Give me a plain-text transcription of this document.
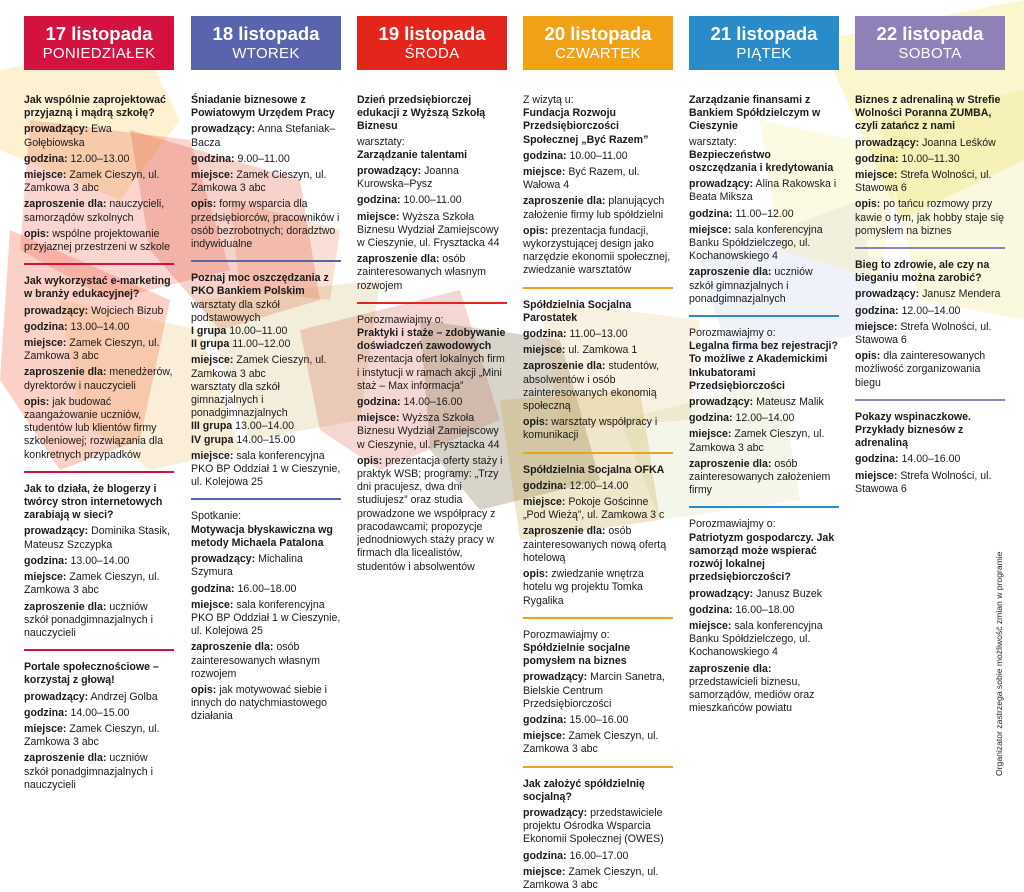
17 listopada
PONIEDZIAŁEK
Jak wspólnie zaprojektować przyjazną i mądrą szkołę?
prowadzący: Ewa Gołębiowska
godzina: 12.00–13.00
miejsce: Zamek Cieszyn, ul. Zamkowa 3 abc
zaproszenie dla: nauczycieli, samorządów szkolnych
opis: wspólne projektowanie przyjaznej przestrzeni w szkole
Jak wykorzystać e-marketing w branży edukacyjnej?
prowadzący: Wojciech Bizub
godzina: 13.00–14.00
miejsce: Zamek Cieszyn, ul. Zamkowa 3 abc
zaproszenie dla: menedżerów, dyrektorów i nauczycieli
opis: jak budować zaangażowanie uczniów, studentów lub klientów firmy szkoleniowej; rozwiązania dla konkretnych przypadków
Jak to działa, że blogerzy i twórcy stron internetowych zarabiają w sieci?
prowadzący: Dominika Stasik, Mateusz Szczypka
godzina: 13.00–14.00
miejsce: Zamek Cieszyn, ul. Zamkowa 3 abc
zaproszenie dla: uczniów szkół ponadgimnazjalnych i nauczycieli
Portale społecznościowe – korzystaj z głową!
prowadzący: Andrzej Golba
godzina: 14.00–15.00
miejsce: Zamek Cieszyn, ul. Zamkowa 3 abc
zaproszenie dla: uczniów szkół ponadgimnazjalnych i nauczycieli
18 listopada
WTOREK
Śniadanie biznesowe z Powiatowym Urzędem Pracy
prowadzący: Anna Stefaniak–Bacza
godzina: 9.00–11.00
miejsce: Zamek Cieszyn, ul. Zamkowa 3 abc
opis: formy wsparcia dla przedsiębiorców, pracowników i osób bezrobotnych; doradztwo indywidualne
Poznaj moc oszczędzania z PKO Bankiem Polskim
warsztaty dla szkół podstawowych
I grupa 10.00–11.00
II grupa 11.00–12.00
miejsce: Zamek Cieszyn, ul. Zamkowa 3 abc
warsztaty dla szkół gimnazjalnych i ponadgimnazjalnych
III grupa 13.00–14.00
IV grupa 14.00–15.00
miejsce: sala konferencyjna PKO BP Oddział 1 w Cieszynie, ul. Kolejowa 25
Spotkanie:
Motywacja błyskawiczna wg metody Michaela Patalona
prowadzący: Michalina Szymura
godzina: 16.00–18.00
miejsce: sala konferencyjna PKO BP Oddział 1 w Cieszynie, ul. Kolejowa 25
zaproszenie dla: osób zainteresowanych własnym rozwojem
opis: jak motywować siebie i innych do natychmiastowego działania
19 listopada
ŚRODA
Dzień przedsiębiorczej edukacji z Wyższą Szkołą Biznesu
warsztaty:
Zarządzanie talentami
prowadzący: Joanna Kurowska–Pysz
godzina: 10.00–11.00
miejsce: Wyższa Szkoła Biznesu Wydział Zamiejscowy w Cieszynie, ul. Frysztacka 44
zaproszenie dla: osób zainteresowanych własnym rozwojem
Porozmawiajmy o:
Praktyki i staże – zdobywanie doświadczeń zawodowych
Prezentacja ofert lokalnych firm i instytucji w ramach akcji „Mini staż – Max informacja”
godzina: 14.00–16.00
miejsce: Wyższa Szkoła Biznesu Wydział Zamiejscowy w Cieszynie, ul. Frysztacka 44
opis: prezentacja oferty staży i praktyk WSB; programy: „Trzy dni pracujesz, dwa dni studiujesz” oraz studia prowadzone we współpracy z pracodawcami; propozycje jednodniowych staży pracy w firmach dla licealistów, studentów i absolwentów
20 listopada
CZWARTEK
Z wizytą u:
Fundacja Rozwoju Przedsiębiorczości Społecznej „Być Razem”
godzina: 10.00–11.00
miejsce: Być Razem, ul. Wałowa 4
zaproszenie dla: planujących założenie firmy lub spółdzielni
opis: prezentacja fundacji, wykorzystującej design jako narzędzie ekonomii społecznej, zwiedzanie warsztatów
Spółdzielnia Socjalna Parostatek
godzina: 11.00–13.00
miejsce: ul. Zamkowa 1
zaproszenie dla: studentów, absolwentów i osób zainteresowanych ekonomią społeczną
opis: warsztaty współpracy i komunikacji
Spółdzielnia Socjalna OFKA
godzina: 12.00–14.00
miejsce: Pokoje Gościnne „Pod Wieżą”, ul. Zamkowa 3 c
zaproszenie dla: osób zainteresowanych nową ofertą hotelową
opis: zwiedzanie wnętrza hotelu wg projektu Tomka Rygalika
Porozmawiajmy o:
Spółdzielnie socjalne pomysłem na biznes
prowadzący: Marcin Sanetra, Bielskie Centrum Przedsiębiorczości
godzina: 15.00–16.00
miejsce: Zamek Cieszyn, ul. Zamkowa 3 abc
Jak założyć spółdzielnię socjalną?
prowadzący: przedstawiciele projektu Ośrodka Wsparcia Ekonomii Społecznej (OWES)
godzina: 16.00–17.00
miejsce: Zamek Cieszyn, ul. Zamkowa 3 abc
21 listopada
PIĄTEK
Zarządzanie finansami z Bankiem Spółdzielczym w Cieszynie
warsztaty:
Bezpieczeństwo oszczędzania i kredytowania
prowadzący: Alina Rakowska i Beata Miksza
godzina: 11.00–12.00
miejsce: sala konferencyjna Banku Spółdzielczego, ul. Kochanowskiego 4
zaproszenie dla: uczniów szkół gimnazjalnych i ponadgimnazjalnych
Porozmawiajmy o:
Legalna firma bez rejestracji? To możliwe z Akademickimi Inkubatorami Przedsiębiorczości
prowadzący: Mateusz Malik
godzina: 12.00–14.00
miejsce: Zamek Cieszyn, ul. Zamkowa 3 abc
zaproszenie dla: osób zainteresowanych założeniem firmy
Porozmawiajmy o:
Patriotyzm gospodarczy. Jak samorząd może wspierać rozwój lokalnej przedsiębiorczości?
prowadzący: Janusz Buzek
godzina: 16.00–18.00
miejsce: sala konferencyjna Banku Spółdzielczego, ul. Kochanowskiego 4
zaproszenie dla: przedstawicieli biznesu, samorządów, mediów oraz mieszkańców powiatu
22 listopada
SOBOTA
Biznes z adrenaliną w Strefie Wolności Poranna ZUMBA, czyli zatańcz z nami
prowadzący: Joanna Leśków
godzina: 10.00–11.30
miejsce: Strefa Wolności, ul. Stawowa 6
opis: po tańcu rozmowy przy kawie o tym, jak hobby staje się pomysłem na biznes
Bieg to zdrowie, ale czy na bieganiu można zarobić?
prowadzący: Janusz Mendera
godzina: 12.00–14.00
miejsce: Strefa Wolności, ul. Stawowa 6
opis: dla zainteresowanych możliwość zorganizowania biegu
Pokazy wspinaczkowe. Przykłady biznesów z adrenaliną
godzina: 14.00–16.00
miejsce: Strefa Wolności, ul. Stawowa 6
Organizator zastrzega sobie możliwość zmian w programie
